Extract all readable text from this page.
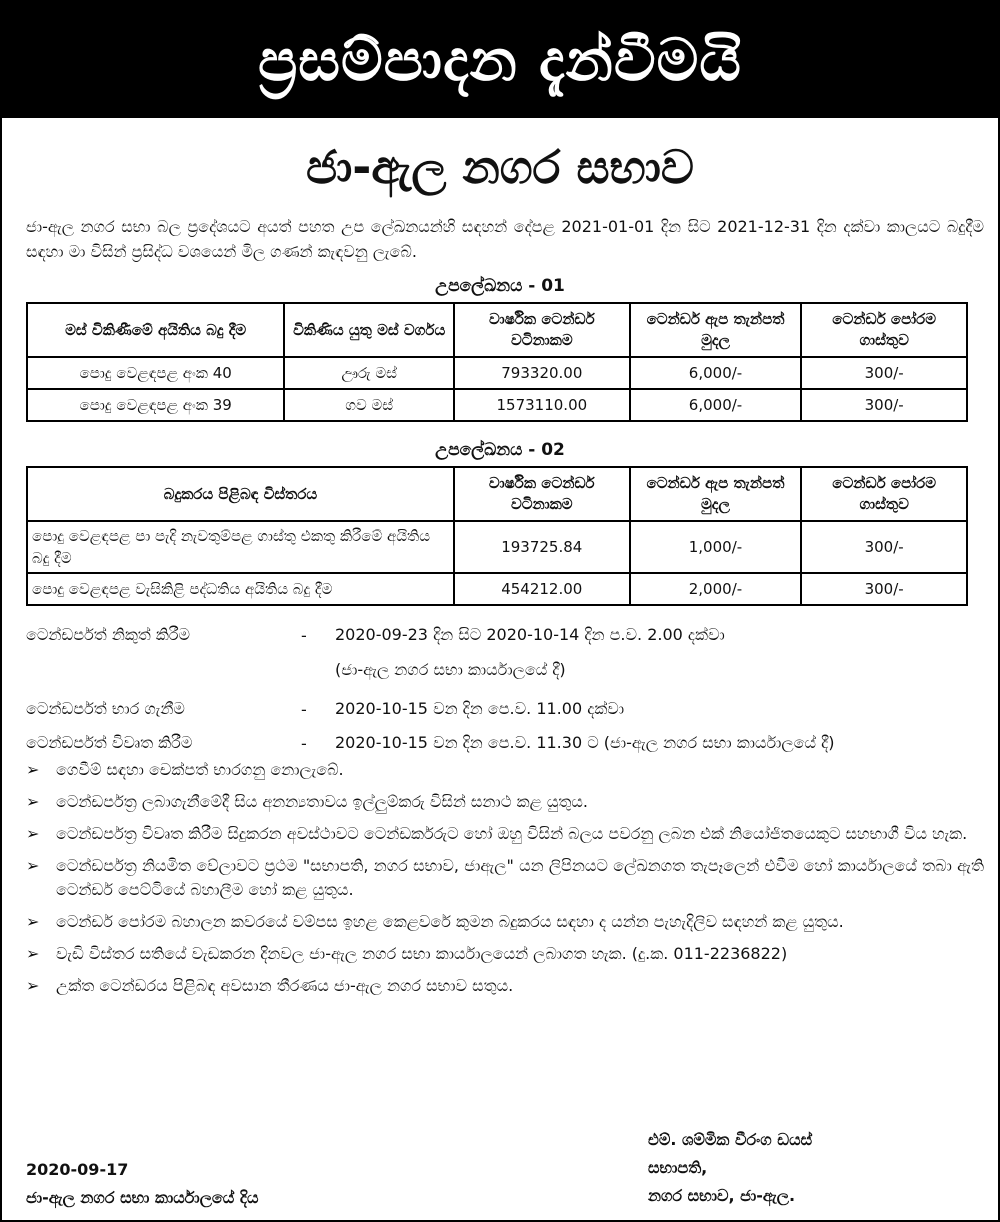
ප්‍රසම්පාදන දැන්වීමයි
ජා-ඇල නගර සභාව
ජා-ඇල නගර සභා බල ප්‍රදේශයට අයත් පහත උප ලේඛනයන්හි සඳහන් දේපළ 2021-01-01 දින සිට 2021-12-31 දින දක්වා කාලයට බදුදීම සඳහා මා විසින් ප්‍රසිද්ධ වශයෙන් මිල ගණන් කැඳවනු ලැබේ.
උපලේඛනය - 01
මස් විකිණීමේ අයිතිය බදු දීම	විකිණිය යුතු මස් වර්ගය	වාර්ෂික ටෙන්ඩර් වටිනාකම	ටෙන්ඩර් ඇප තැන්පත් මුදල	ටෙන්ඩර් පෝරම ගාස්තුව
පොදු වෙළඳපළ අංක 40	ඌරු මස්	793320.00	6,000/-	300/-
පොදු වෙළඳපළ අංක 39	ගව මස්	1573110.00	6,000/-	300/-
උපලේඛනය - 02
බදුකරය පිළිබඳ විස්තරය	වාර්ෂික ටෙන්ඩර් වටිනාකම	ටෙන්ඩර් ඇප තැන්පත් මුදල	ටෙන්ඩර් පෝරම ගාස්තුව
පොදු වෙළඳපළ පා පැදි නැවතුම්පළ ගාස්තු එකතු කිරීමේ අයිතිය බදු දීම	193725.84	1,000/-	300/-
පොදු වෙළඳපළ වැසිකිළි පද්ධතිය අයිතිය බදු දීම	454212.00	2,000/-	300/-
ටෙන්ඩර්පත් නිකුත් කිරීම	-	2020-09-23 දින සිට 2020-10-14 දින ප.ව. 2.00 දක්වා
(ජා-ඇල නගර සභා කාර්යාලයේ දී)
ටෙන්ඩර්පත් භාර ගැනීම	-	2020-10-15 වන දින පෙ.ව. 11.00 දක්වා
ටෙන්ඩර්පත් විවෘත කිරීම	-	2020-10-15 වන දින පෙ.ව. 11.30 ට (ජා-ඇල නගර සභා කාර්යාලයේ දී)
➢	ගෙවීම් සඳහා චෙක්පත් භාරගනු නොලැබේ.
➢	ටෙන්ඩර්පත්‍ර ලබාගැනීමේදී සිය අනන්‍යතාවය ඉල්ලුම්කරු විසින් සනාථ කළ යුතුය.
➢	ටෙන්ඩර්පත්‍ර විවෘත කිරීම සිදුකරන අවස්ථාවට ටෙන්ඩර්කරුට හෝ ඔහු විසින් බලය පවරනු ලබන එක් නියෝජිතයෙකුට සහභාගී විය හැක.
➢	ටෙන්ඩර්පත්‍ර නියමිත වේලාවට ප්‍රථම "සභාපති, නගර සභාව, ජාඇල" යන ලිපිනයට ලේඛනගත තැපෑලෙන් එවීම හෝ කාර්යාලයේ තබා ඇති ටෙන්ඩර් පෙට්ටියේ බහාලීම හෝ කළ යුතුය.
➢	ටෙන්ඩර් පෝරම බහාලන කවරයේ වම්පස ඉහළ කෙළවරේ කුමන බදුකරය සඳහා ද යන්න පැහැදිලිව සඳහන් කළ යුතුය.
➢	වැඩි විස්තර සතියේ වැඩකරන දිනවල ජා-ඇල නගර සභා කාර්යාලයෙන් ලබාගත හැක. (දු.ක. 011-2236822)
➢	උක්ත ටෙන්ඩරය පිළිබඳ අවසාන තීරණය ජා-ඇල නගර සභාව සතුය.
2020-09-17
ජා-ඇල නගර සභා කාර්යාලයේ දිය
එම්. ශම්මික වීරංග ඩයස්
සභාපති,
නගර සභාව, ජා-ඇල.
